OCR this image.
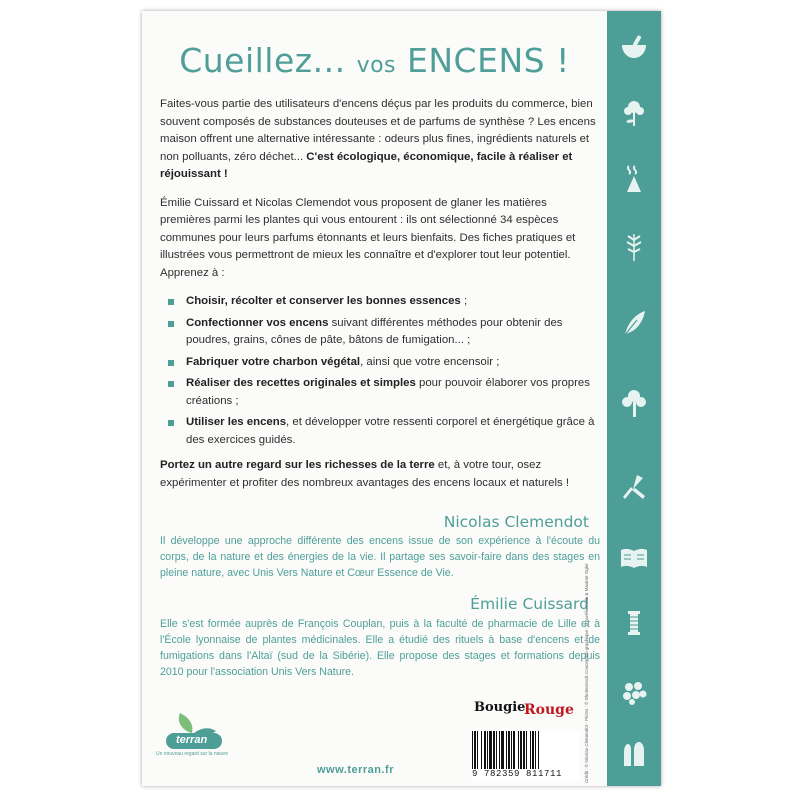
Cueillez... vos ENCENS !

Faites-vous partie des utilisateurs d'encens déçus par les produits du commerce, bien souvent composés de substances douteuses et de parfums de synthèse ? Les encens maison offrent une alternative intéressante : odeurs plus fines, ingrédients naturels et non polluants, zéro déchet... C'est écologique, économique, facile à réaliser et réjouissant !

Émilie Cuissard et Nicolas Clemendot vous proposent de glaner les matières premières parmi les plantes qui vous entourent : ils ont sélectionné 34 espèces communes pour leurs parfums étonnants et leurs bienfaits. Des fiches pratiques et illustrées vous permettront de mieux les connaître et d'explorer tout leur potentiel. Apprenez à :

Choisir, récolter et conserver les bonnes essences ;
Confectionner vos encens suivant différentes méthodes pour obtenir des poudres, grains, cônes de pâte, bâtons de fumigation... ;
Fabriquer votre charbon végétal, ainsi que votre encensoir ;
Réaliser des recettes originales et simples pour pouvoir élaborer vos propres créations ;
Utiliser les encens, et développer votre ressenti corporel et énergétique grâce à des exercices guidés.

Portez un autre regard sur les richesses de la terre et, à votre tour, osez expérimenter et profiter des nombreux avantages des encens locaux et naturels !

Nicolas Clemendot
Il développe une approche différente des encens issue de son expérience à l'écoute du corps, de la nature et des énergies de la vie. Il partage ses savoir-faire dans des stages en pleine nature, avec Unis Vers Nature et Cœur Essence de Vie.
Émilie Cuissard
Elle s'est formée auprès de François Couplan, puis à la faculté de pharmacie de Lille et à l'École lyonnaise de plantes médicinales. Elle a étudié des rituels à base d'encens et de fumigations dans l'Altaï (sud de la Sibérie). Elle propose des stages et formations depuis 2010 pour l'association Unis Vers Nature.
terran
Un nouveau regard sur la nature
www.terran.fr
Bougie
Rouge
9 782359 811711	Crédit : © Nicolas Clemendot - Pictos : © Shutterstock Conception graphique : © Aurélie Pelle & Maxime Ogier
